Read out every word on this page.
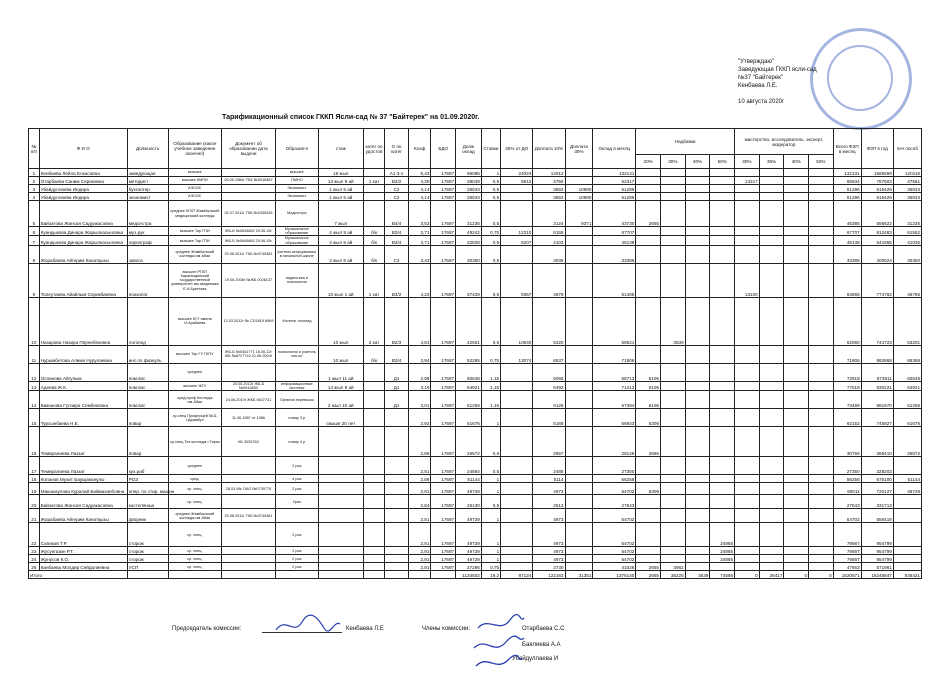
"Утверждаю"
Заведующая ГККП ясли-сад
№37 "Байтерек"
Кенбаева Л.Е.
10 августа 2020г
Тарификационный список ГККП Ясли-сад № 37 "Байтерек" на 01.09.2020г.
№ п/п	Ф И О	Должность	Образование (какое учебное заведение окончил)	Документ об образовании дата выдачи	Образов-я	стаж	катег по удостов	G по катег	Коэф	БДО	Долж оклад	Ставки	25% от ДО	Доплата 10%	Доплата 30%	Оклад в месяц	Надбавки				мастерство, исследователь, эксперт, модератор				Всего ФЗП в месяц	ФЗП в год	печ пособ
																	20%	30%	40%	50%	30%	35%	40%	50%			
1	Кенбаева Лейла Елкасовна	заведующая	высшее		высшее	15 жыл		А1 3-1	5,43	17697	96095	1	24024	12012		132131									132131	1585569	120119
2	Отарбаева Саним Сериковна	методист	высшее КМПИ	26.06.1984г ТБК №0016487	ПМНО	13 жыл 9 ай	1 кат	В3/2	4,30	17697	38049	0,5	9512	4756		52317					13317				65634	787603	47561
3	Убайдуллаева Индира	бухгалтер	АЭСИС		Экономист	1 жыл 5 ай		С2	4,14	17697	36633	0,5		3663	10990	51286									51286	615429	36633
4	Убайдуллаева Индира	экономист	АЭСИС		Экономист	1 жыл 5 ай		С2	4,14	17697	36633	0,5		3663	10990	51286									51286	615429	36633
5	Байзатова Жансая Садуакасовна	медсестра	среднее КГКП Жамбылский медицинский колледж	02.07.2011г ТКБ №0335426	Медсестра	7 жыл		В4/4	3,53	17697	31235	0,5		3124	9371	43730	2655								46385	556622	31235
6	Куандыкова Динара Жарылкасыновна	муз.рук	высшее Тар ГПИ	ЖБ-Б №0646862 29.06.15г	Музыкальное образование	4 жыл 9 ай	б/к	В3/4	3,71	17697	49242	0,75	12310	6155		67707									67707	812483	61552
7	Куандыкова Динара Жарылкасыновна	хореограф	высшее Тар ГПИ	ЖБ-Б №0646862 29.06.15г	Музыкальное образование	4 жыл 9 ай	б/к	В3/4	3,71	17697	32828	0,5	8207	4103		45138									45138	541655	41035
8	Жорабаева Айгерим Канатқызы	завхоз	среднее Жамбылский колледж им Абая	29.06.2011г ТКБ №0745481	учитель информатики в начальной школе	3 жыл 8 ай	б/к	С3	3,43	17697	30350	0,5		3035		33385									33385	400624	30350
9	Толеутаева Айайлым Серикбаевна	психолог	высшее РГКП Карагандинский государственный университет им академика Е.А.Букетова	19.06.2008г №ЖБ 0026137	педагогика и психология	10 жыл 1 ай	1 кат	В3/2	4,23	17697	37429	0,5	9357	4679		51465					13100				64565	774782	46786
10	Назарова Назира Пернебековна	логопед	высшее КГУ имени И.Арабаева	12.03.2012г № CD1819 6969	Учитель логопед	10 жыл	2 кат	В2/3	4,81	17697	42561	0,5	10640	5320		58521		3539							62060	744723	53201
11	Нурымбетова Алима Нурулаевна	инс.по физкуль	высшее Тар ГУ ГКПУ	ЖБ-Б №0451771 16.06.12г ЖБ №8727742 21.06.2004г	психология и учитель нач.кл	10 жыл	б/к	В3/4	3,94	17697	52295	0,75	13074	6537		71906									71906	862868	65369
12	Оспанова Айгулым	пом.вос	среднее			1 жыл 11 ай		Д1	2,98	17697	60648	1,15		6065		66713	6105								72818	873811	60648
13	Адеева Ж.К.	пом.вос	высшее ЖГУ	20.06.2013г ЖБ-Б №0616830	информационные системы	14 жыл 8 ай		Д1	3,19	17697	64921	1,15		6492		71413	6105								77518	930221	64921
14	Бижанова Гүлзира Сембековна	пом.вос	сред.проф Колледж им.Абая	24.06.2010г ЖКБ 0637741	Органия перевозок	2 жыл 10 ай		Д1	3,01	17697	61258	1,15		6126		67384	6105								73489	881870	61258
15	Турсынбаева Н.Е.	повар	ср.спец Профлицей №11 г.Джамбул	11.06.1987 от 1986	повар 3 р	свыше 20 лет			2,92	17697	51675	1		5168		56843	5309								62152	745827	51675
16	Темирaлиева Лаззат	повар	ср.спец Тех.колледж г.Тараз	КБ 3039763	повар 4 р				2,89	17697	25572	0,5		2557		28129	2655								30784	369410	25572
17	Темирaлиева Лаззат	кух.раб	среднее		2 раз				2,81	17697	24864	0,5		2486		27350									27350	328203	
18	Коланов Мухит Бауыржанұлы	РОЗ	сред.		4 раз				2,89	17697	51144	1		5114		56258									56258	675100	51144
19	Макашкулова Куралай Баймаханбовна	опер. по стир. машин	ср. спец.	28.03.96г ОАО №0739775	2 раз				2,81	17697	49729	1		4973		54702	5309								60011	720127	49729
20	Байзатова Жансая Садуакасовна	кастелянша	ср. спец.		2раз				2,84	17697	25130	0,5		2513		27643									27643	331713	
21	Жорабаева Айгерим Канатқызы	дворник	среднее Жамбылский колледж им Абая	29.06.2011г ТКБ №0745481					2,81	17697	49729	1		4973		54702									54702	656419	
22	Сапиков Т.Р.	сторож	ср. спец.		2 раз				2,81	17697	49729	1		4973		54702				24865					79567	954799	
23	Жусупгазин Р.Т.	сторож	ср. спец.		2 раз				2,81	17697	49729	1		4973		54702				24865					79567	954799	
24	Жунусов К.О.	сторож	ср. спец.		2 раз				2,81	17697	49729	1		4973		54702				24865					79567	954799	
25	Канбаева Молдир Сейдалиевна	УСП	ср. спец.		2 раз				2,81	17697	37296	0,75		3730		41026	2655	3982							47663	571961	
Итого											1134502	19,2	87124	122163	31351	1375140	2655	38225	3539	74595	0	26417	0	0	1520571	18246847	935421
Председатель комиссии:	Кенбаева Л.Е	Члены комиссии:	Отарбаева С.С
Баялиева А.А
Убайдуллаева И
